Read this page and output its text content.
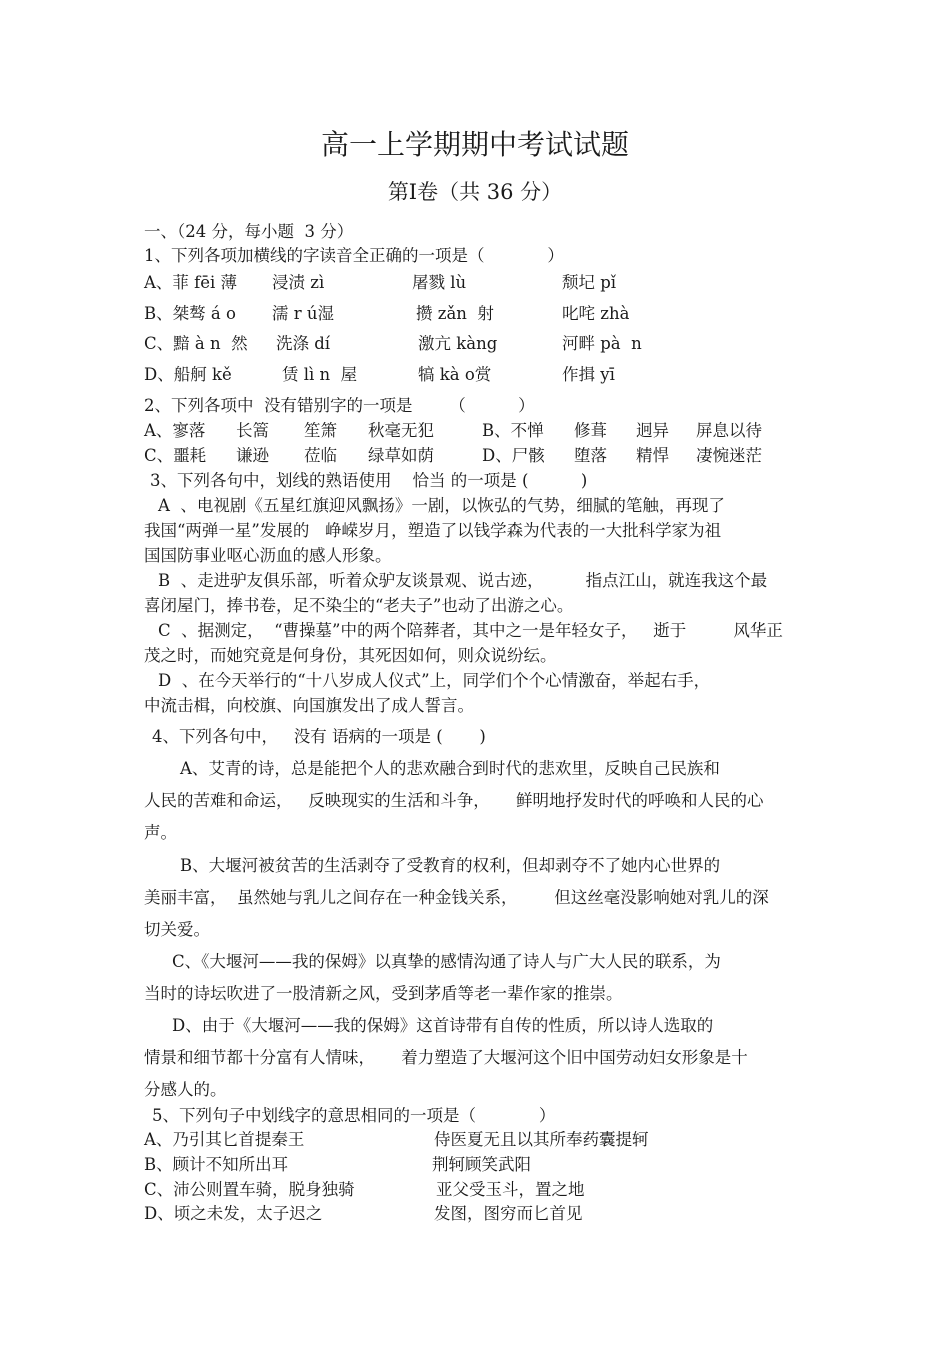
高一上学期期中考试试题
第Ⅰ卷（共 36 分）
一、（24 分，每小题  3 分）
1、下列各项加横线的字读音全正确的一项是（            ）
A、菲 fēi 薄 浸渍 zì	屠戮 lù	颓圮 pǐ
B、桀骜 á o 濡 r ú湿	攒 zǎn  射	叱咤 zhà
C、黯 à n  然 洗涤 dí	激亢 kàng	河畔 pà  n
D、船舸 kě	赁 lì n  屋	犒 kà o赏	作揖 yī
2、下列各项中  没有错别字的一项是       （          ）
A、寥落 长篙 笙箫 秋毫无犯	B、不惮 修葺 迥异 屏息以待
C、噩耗 谦逊 莅临 绿草如荫	D、尸骸 堕落 精悍 凄惋迷茫
3、下列各句中，划线的熟语使用    恰当 的一项是 (          )
A  、电视剧《五星红旗迎风飘扬》一剧，以恢弘的气势，细腻的笔触，再现了
我国“两弹一星”发展的   峥嵘岁月，塑造了以钱学森为代表的一大批科学家为祖
国国防事业呕心沥血的感人形象。
B  、走进驴友俱乐部，听着众驴友谈景观、说古迹，        指点江山，就连我这个最
喜闭屋门，捧书卷，足不染尘的“老夫子”也动了出游之心。
C  、据测定，  “曹操墓”中的两个陪葬者，其中之一是年轻女子，   逝于         风华正
茂之时，而她究竟是何身份，其死因如何，则众说纷纭。
D  、在今天举行的“十八岁成人仪式”上，同学们个个心情激奋，举起右手，
中流击楫，向校旗、向国旗发出了成人誓言。
4、下列各句中，   没有 语病的一项是 (       )
A、艾青的诗，总是能把个人的悲欢融合到时代的悲欢里，反映自己民族和
人民的苦难和命运，   反映现实的生活和斗争，     鲜明地抒发时代的呼唤和人民的心
声。
B、大堰河被贫苦的生活剥夺了受教育的权利，但却剥夺不了她内心世界的
美丽丰富，  虽然她与乳儿之间存在一种金钱关系，       但这丝毫没影响她对乳儿的深
切关爱。
C、《大堰河——我的保姆》以真挚的感情沟通了诗人与广大人民的联系，为
当时的诗坛吹进了一股清新之风，受到茅盾等老一辈作家的推崇。
D、由于《大堰河——我的保姆》这首诗带有自传的性质，所以诗人选取的
情景和细节都十分富有人情味，     着力塑造了大堰河这个旧中国劳动妇女形象是十
分感人的。
5、下列句子中划线字的意思相同的一项是（            ）
A、乃引其匕首提秦王	侍医夏无且以其所奉药囊提轲
B、顾计不知所出耳	荆轲顾笑武阳
C、沛公则置车骑，脱身独骑	亚父受玉斗，置之地
D、顷之未发，太子迟之	发图，图穷而匕首见
